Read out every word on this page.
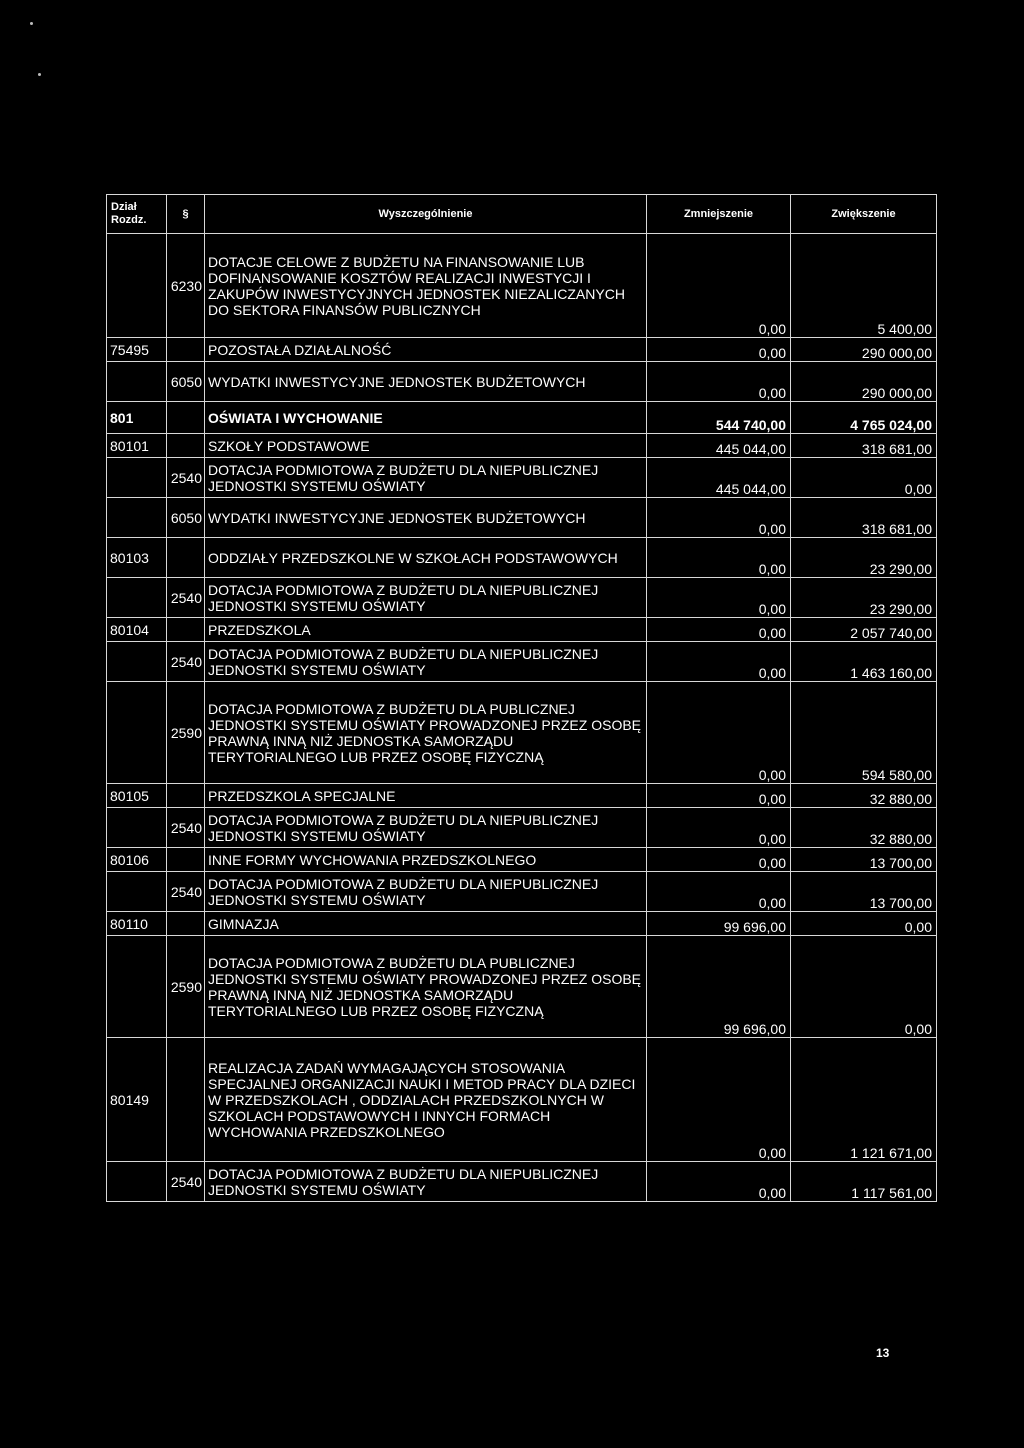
Dział
Rozdz.	§	Wyszczególnienie	Zmniejszenie	Zwiększenie
	6230	DOTACJE CELOWE Z BUDŻETU NA FINANSOWANIE LUB DOFINANSOWANIE KOSZTÓW REALIZACJI INWESTYCJI I ZAKUPÓW INWESTYCYJNYCH JEDNOSTEK NIEZALICZANYCH DO SEKTORA FINANSÓW PUBLICZNYCH	0,00	5 400,00
75495		POZOSTAŁA DZIAŁALNOŚĆ	0,00	290 000,00
	6050	WYDATKI INWESTYCYJNE JEDNOSTEK BUDŻETOWYCH	0,00	290 000,00
801		OŚWIATA I WYCHOWANIE	544 740,00	4 765 024,00
80101		SZKOŁY PODSTAWOWE	445 044,00	318 681,00
	2540	DOTACJA PODMIOTOWA Z BUDŻETU DLA NIEPUBLICZNEJ JEDNOSTKI SYSTEMU OŚWIATY	445 044,00	0,00
	6050	WYDATKI INWESTYCYJNE JEDNOSTEK BUDŻETOWYCH	0,00	318 681,00
80103		ODDZIAŁY PRZEDSZKOLNE W SZKOŁACH PODSTAWOWYCH	0,00	23 290,00
	2540	DOTACJA PODMIOTOWA Z BUDŻETU DLA NIEPUBLICZNEJ JEDNOSTKI SYSTEMU OŚWIATY	0,00	23 290,00
80104		PRZEDSZKOLA	0,00	2 057 740,00
	2540	DOTACJA PODMIOTOWA Z BUDŻETU DLA NIEPUBLICZNEJ JEDNOSTKI SYSTEMU OŚWIATY	0,00	1 463 160,00
	2590	DOTACJA PODMIOTOWA Z BUDŻETU DLA PUBLICZNEJ JEDNOSTKI SYSTEMU OŚWIATY PROWADZONEJ PRZEZ OSOBĘ PRAWNĄ INNĄ NIŻ JEDNOSTKA SAMORZĄDU TERYTORIALNEGO LUB PRZEZ OSOBĘ FIZYCZNĄ	0,00	594 580,00
80105		PRZEDSZKOLA SPECJALNE	0,00	32 880,00
	2540	DOTACJA PODMIOTOWA Z BUDŻETU DLA NIEPUBLICZNEJ JEDNOSTKI SYSTEMU OŚWIATY	0,00	32 880,00
80106		INNE FORMY WYCHOWANIA PRZEDSZKOLNEGO	0,00	13 700,00
	2540	DOTACJA PODMIOTOWA Z BUDŻETU DLA NIEPUBLICZNEJ JEDNOSTKI SYSTEMU OŚWIATY	0,00	13 700,00
80110		GIMNAZJA	99 696,00	0,00
	2590	DOTACJA PODMIOTOWA Z BUDŻETU DLA PUBLICZNEJ JEDNOSTKI SYSTEMU OŚWIATY PROWADZONEJ PRZEZ OSOBĘ PRAWNĄ INNĄ NIŻ JEDNOSTKA SAMORZĄDU TERYTORIALNEGO LUB PRZEZ OSOBĘ FIZYCZNĄ	99 696,00	0,00
80149		REALIZACJA ZADAŃ WYMAGAJĄCYCH STOSOWANIA SPECJALNEJ ORGANIZACJI NAUKI I METOD PRACY DLA DZIECI W PRZEDSZKOLACH , ODDZIALACH PRZEDSZKOLNYCH W SZKOLACH PODSTAWOWYCH I INNYCH FORMACH WYCHOWANIA PRZEDSZKOLNEGO	0,00	1 121 671,00
	2540	DOTACJA PODMIOTOWA Z BUDŻETU DLA NIEPUBLICZNEJ JEDNOSTKI SYSTEMU OŚWIATY	0,00	1 117 561,00
13
